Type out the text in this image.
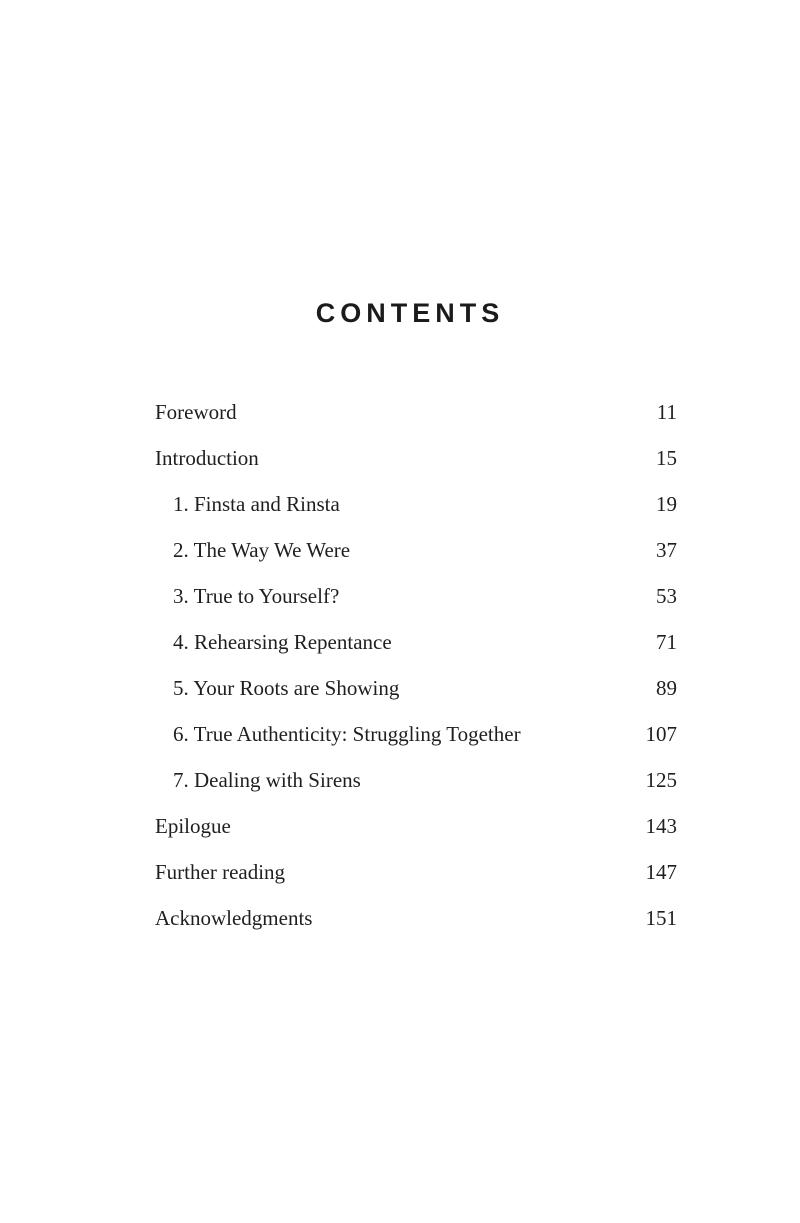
CONTENTS
Foreword	11
Introduction	15
1. Finsta and Rinsta	19
2. The Way We Were	37
3. True to Yourself?	53
4. Rehearsing Repentance	71
5. Your Roots are Showing	89
6. True Authenticity: Struggling Together	107
7. Dealing with Sirens	125
Epilogue	143
Further reading	147
Acknowledgments	151
